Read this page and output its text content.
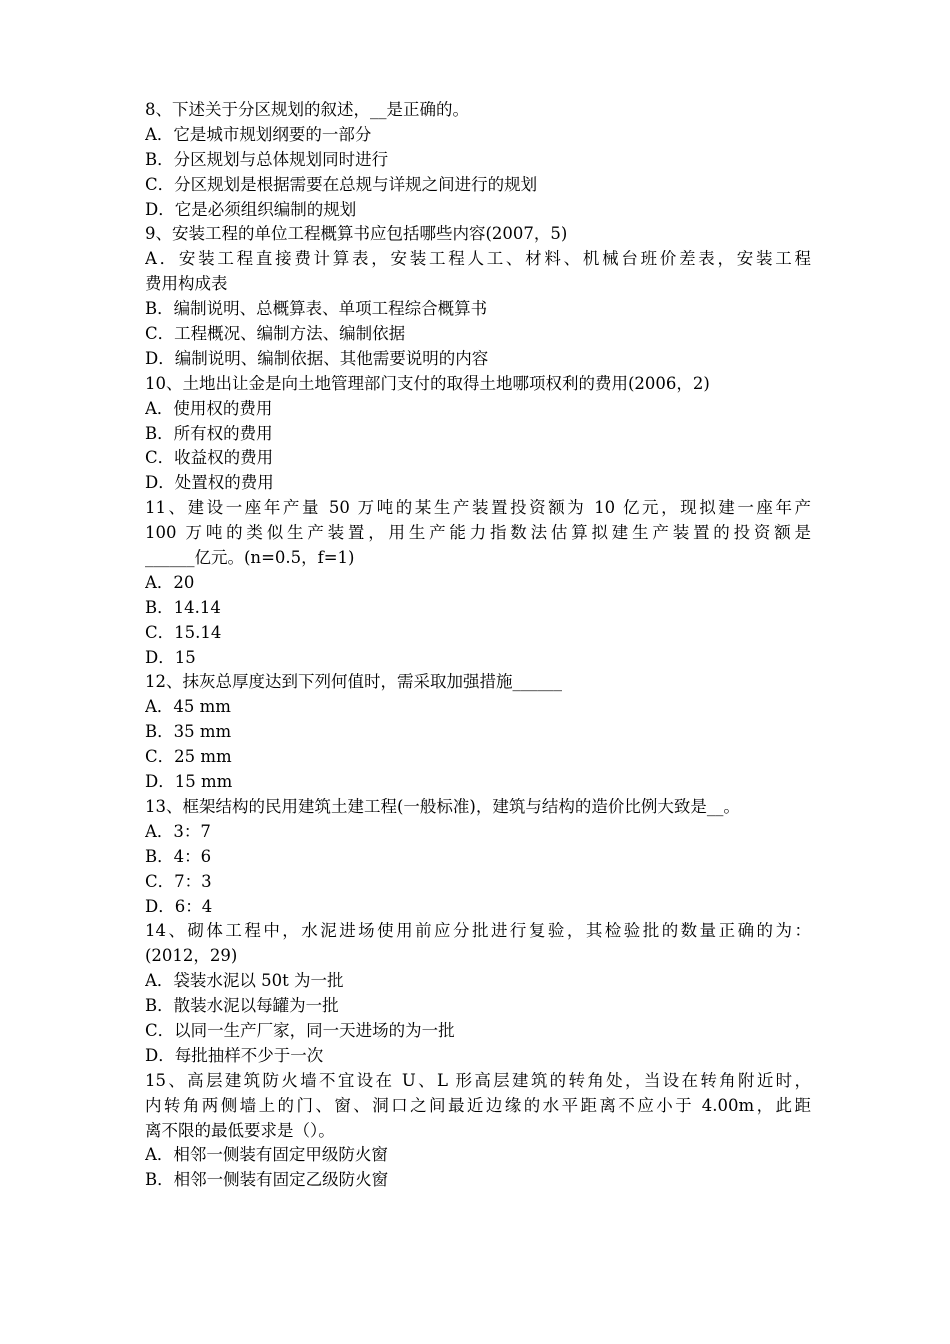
8、下述关于分区规划的叙述，__是正确的。
A．它是城市规划纲要的一部分
B．分区规划与总体规划同时进行
C．分区规划是根据需要在总规与详规之间进行的规划
D．它是必须组织编制的规划
9、安装工程的单位工程概算书应包括哪些内容(2007，5)
A．安装工程直接费计算表，安装工程人工、材料、机械台班价差表，安装工程
费用构成表
B．编制说明、总概算表、单项工程综合概算书
C．工程概况、编制方法、编制依据
D．编制说明、编制依据、其他需要说明的内容
10、土地出让金是向土地管理部门支付的取得土地哪项权利的费用(2006，2)
A．使用权的费用
B．所有权的费用
C．收益权的费用
D．处置权的费用
11、建设一座年产量 50 万吨的某生产装置投资额为 10 亿元，现拟建一座年产
100 万吨的类似生产装置，用生产能力指数法估算拟建生产装置的投资额是
______亿元。(n=0.5，f=1)
A．20
B．14.14
C．15.14
D．15
12、抹灰总厚度达到下列何值时，需采取加强措施______
A．45 mm
B．35 mm
C．25 mm
D．15 mm
13、框架结构的民用建筑土建工程(一般标准)，建筑与结构的造价比例大致是__。
A．3：7
B．4：6
C．7：3
D．6：4
14、砌体工程中，水泥进场使用前应分批进行复验，其检验批的数量正确的为：
(2012，29)
A．袋装水泥以 50t 为一批
B．散装水泥以每罐为一批
C．以同一生产厂家，同一天进场的为一批
D．每批抽样不少于一次
15、高层建筑防火墙不宜设在 U、L 形高层建筑的转角处，当设在转角附近时，
内转角两侧墙上的门、窗、洞口之间最近边缘的水平距离不应小于 4.00m，此距
离不限的最低要求是（）。
A．相邻一侧装有固定甲级防火窗
B．相邻一侧装有固定乙级防火窗
